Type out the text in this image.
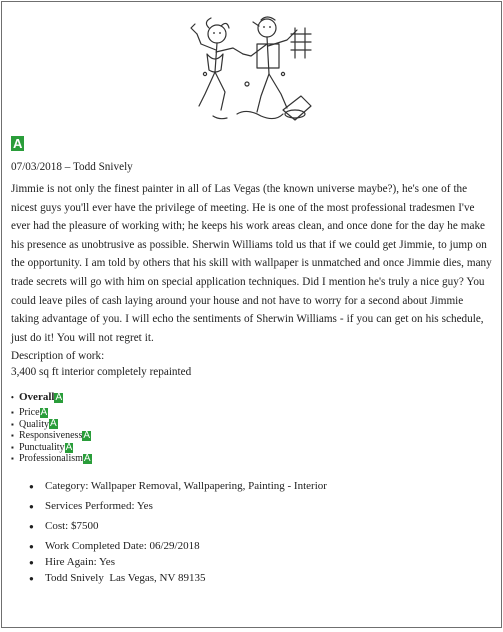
A
07/03/2018 – Todd Snively
Jimmie is not only the finest painter in all of Las Vegas (the known universe maybe?), he's one of the nicest guys you'll ever have the privilege of meeting. He is one of the most professional tradesmen I've ever had the pleasure of working with; he keeps his work areas clean, and once done for the day he make his presence as unobtrusive as possible. Sherwin Williams told us that if we could get Jimmie, to jump on the opportunity. I am told by others that his skill with wallpaper is unmatched and once Jimmie dies, many trade secrets will go with him on special application techniques. Did I mention he's truly a nice guy? You could leave piles of cash laying around your house and not have to worry for a second about Jimmie taking advantage of you. I will echo the sentiments of Sherwin Williams - if you can get on his schedule, just do it! You will not regret it.
Description of work:
3,400 sq ft interior completely repainted
• Overall A
▪ Price A
▪ Quality A
▪ Responsiveness A
▪ Punctuality A
▪ Professionalism A
●	Category: Wallpaper Removal, Wallpapering, Painting - Interior
●	Services Performed: Yes
●	Cost: $7500
●	Work Completed Date: 06/29/2018
●	Hire Again: Yes
●	Todd Snively  Las Vegas, NV 89135
